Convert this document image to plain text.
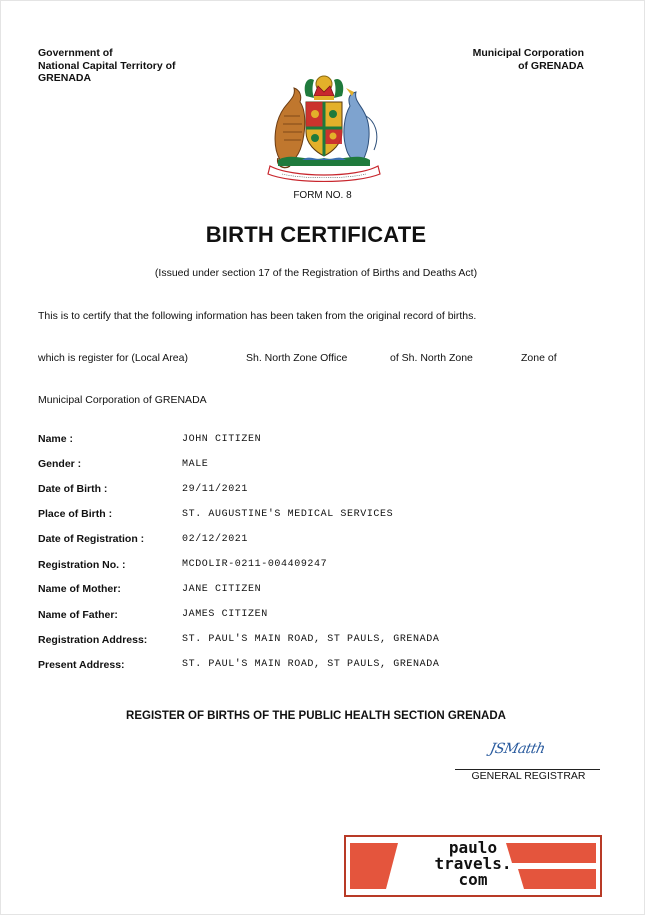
Government of
National Capital Territory of
GRENADA
Municipal Corporation
of GRENADA
FORM NO. 8
BIRTH CERTIFICATE
(Issued under section 17 of the Registration of Births and Deaths Act)
This is to certify that the following information has been taken from the original record of births.
which is register for (Local Area)	Sh. North Zone Office	of Sh. North Zone	Zone of
Municipal Corporation of GRENADA
Name :	JOHN CITIZEN
Gender :	MALE
Date of Birth :	29/11/2021
Place of Birth :	ST. AUGUSTINE'S MEDICAL SERVICES
Date of Registration :	02/12/2021
Registration No. :	MCDOLIR-0211-004409247
Name of Mother:	JANE CITIZEN
Name of Father:	JAMES CITIZEN
Registration Address:	ST. PAUL'S MAIN ROAD, ST PAULS, GRENADA
Present Address:	ST. PAUL'S MAIN ROAD, ST PAULS, GRENADA
REGISTER OF BIRTHS OF THE PUBLIC HEALTH SECTION GRENADA
JSMatth
GENERAL REGISTRAR
paulo
travels.
com
